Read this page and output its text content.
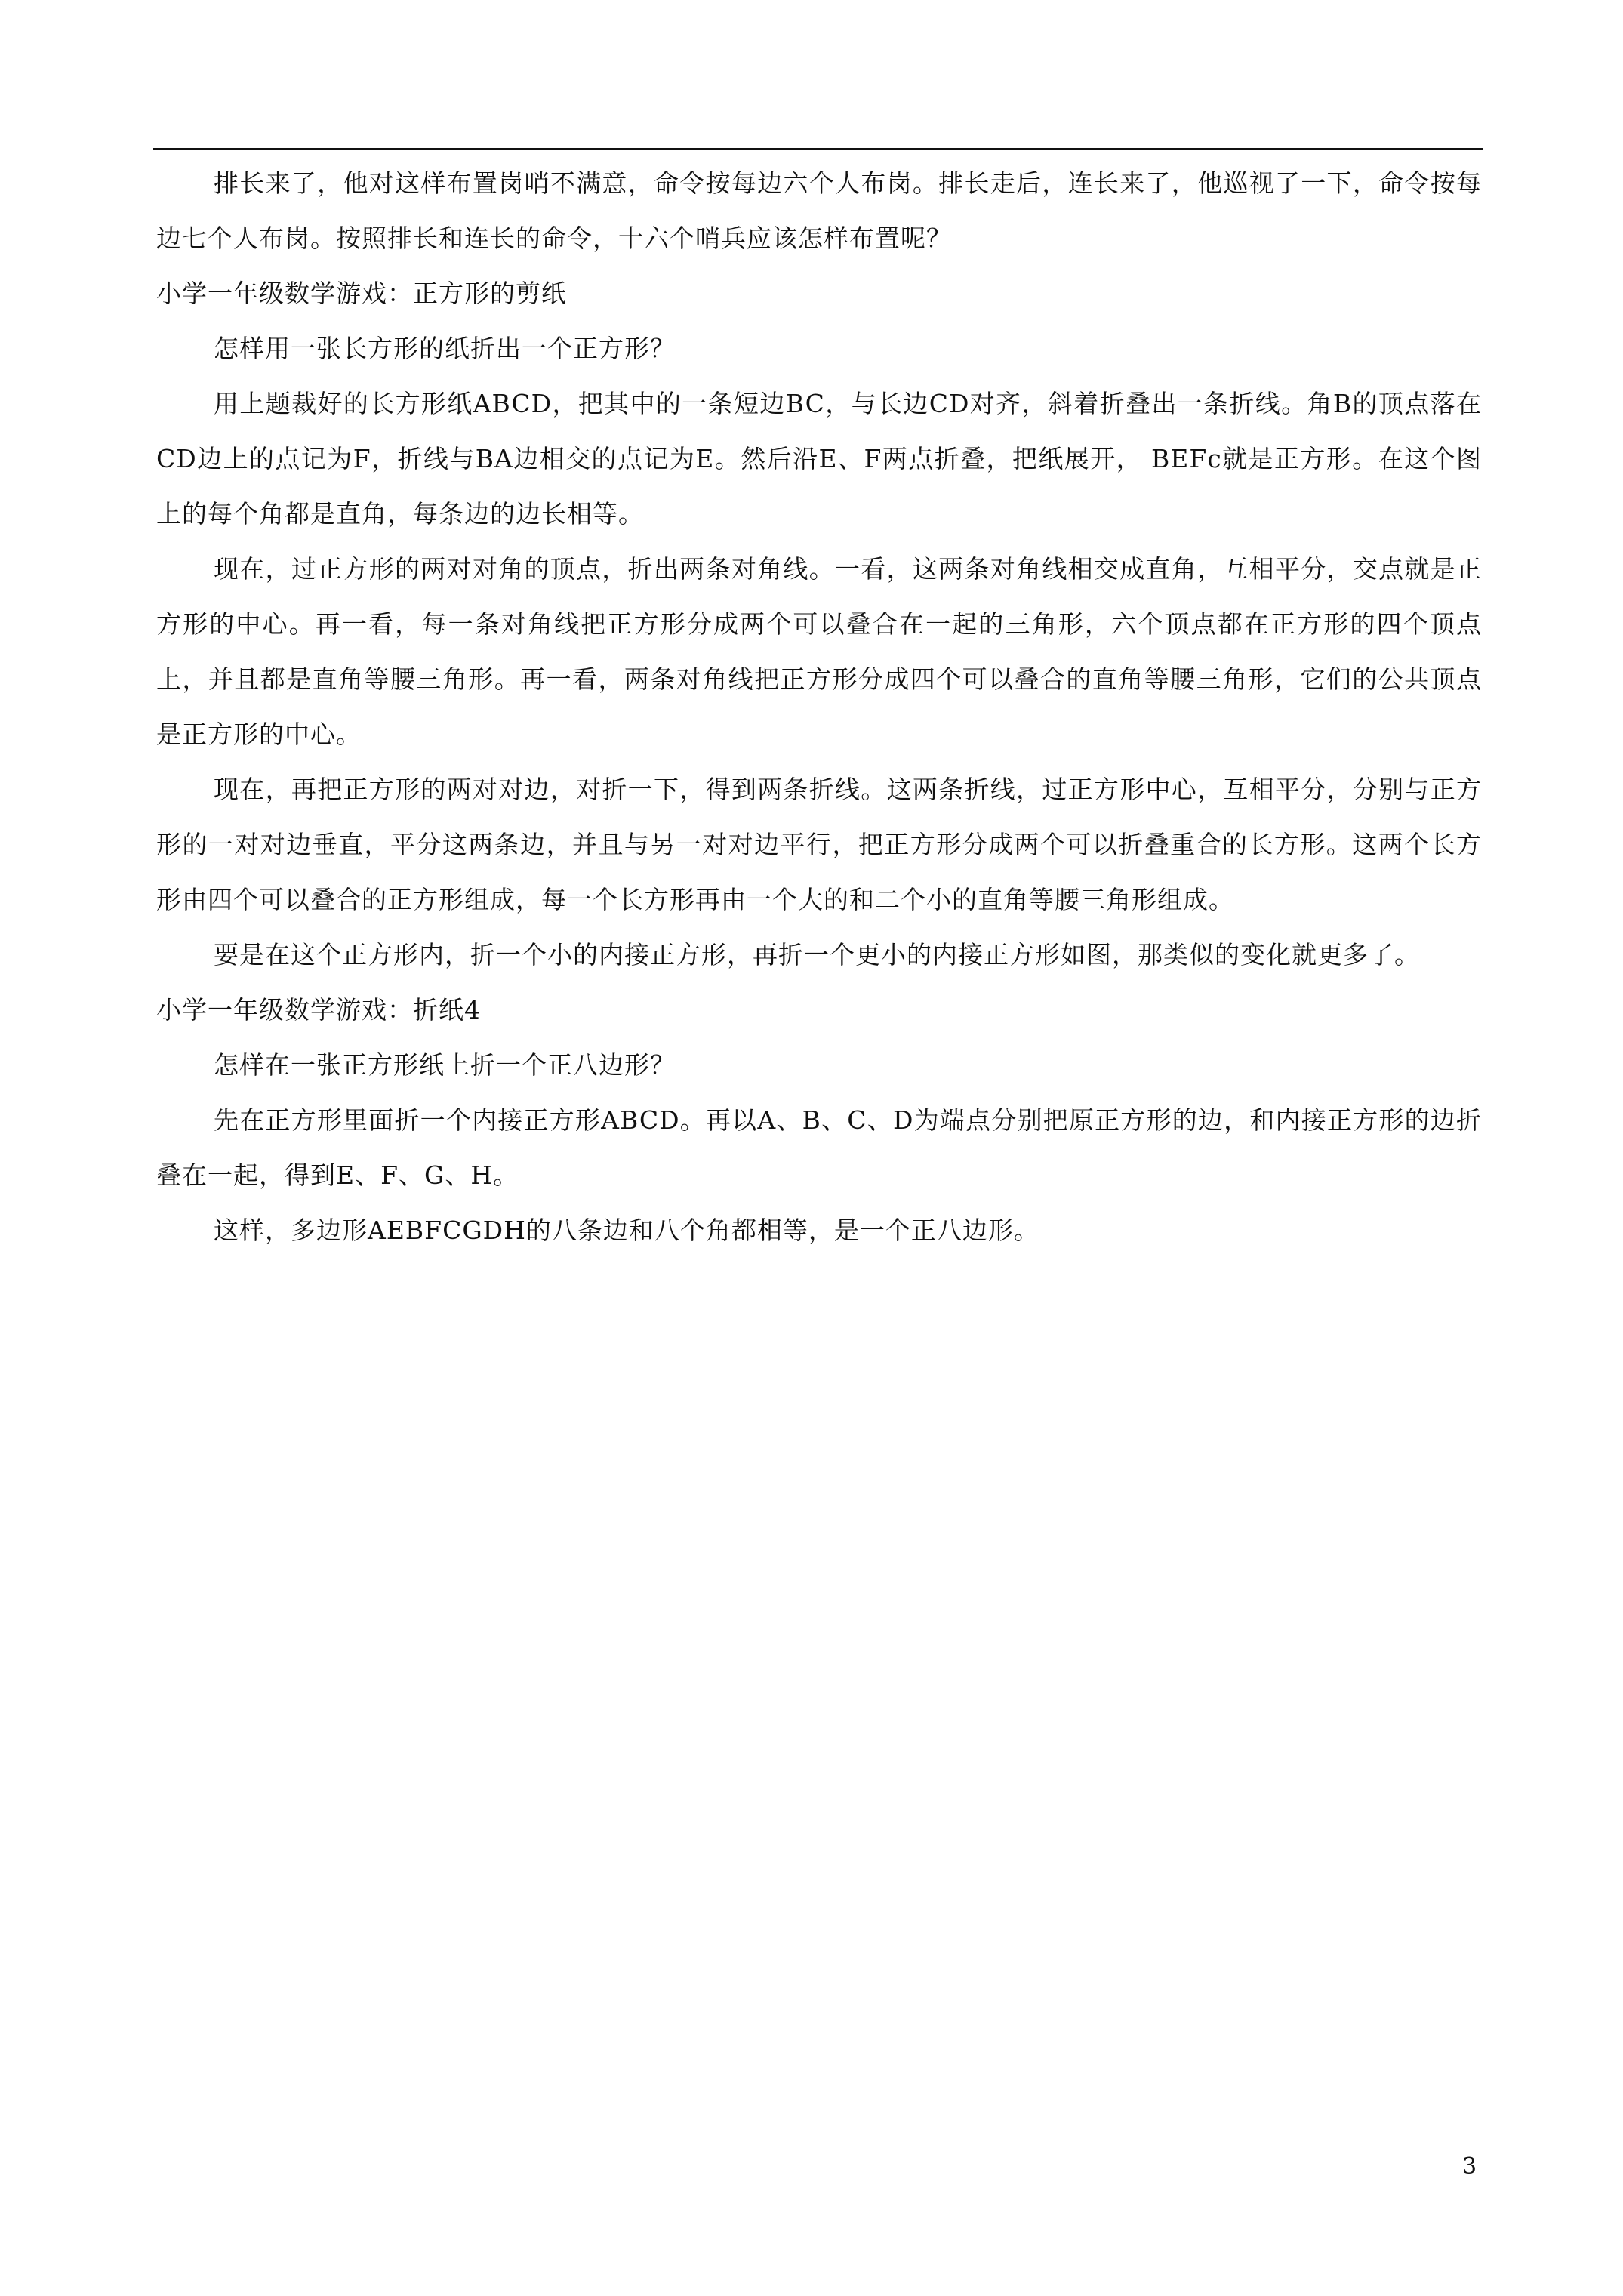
排长来了，他对这样布置岗哨不满意，命令按每边六个人布岗。排长走后，连长来了，他巡视了一下，命令按每边七个人布岗。按照排长和连长的命令，十六个哨兵应该怎样布置呢？

小学一年级数学游戏：正方形的剪纸

怎样用一张长方形的纸折出一个正方形？

用上题裁好的长方形纸ABCD，把其中的一条短边BC，与长边CD对齐，斜着折叠出一条折线。角B的顶点落在CD边上的点记为F，折线与BA边相交的点记为E。然后沿E、F两点折叠，把纸展开， BEFc就是正方形。在这个图上的每个角都是直角，每条边的边长相等。

现在，过正方形的两对对角的顶点，折出两条对角线。一看，这两条对角线相交成直角，互相平分，交点就是正方形的中心。再一看，每一条对角线把正方形分成两个可以叠合在一起的三角形，六个顶点都在正方形的四个顶点上，并且都是直角等腰三角形。再一看，两条对角线把正方形分成四个可以叠合的直角等腰三角形，它们的公共顶点是正方形的中心。

现在，再把正方形的两对对边，对折一下，得到两条折线。这两条折线，过正方形中心，互相平分，分别与正方形的一对对边垂直，平分这两条边，并且与另一对对边平行，把正方形分成两个可以折叠重合的长方形。这两个长方形由四个可以叠合的正方形组成，每一个长方形再由一个大的和二个小的直角等腰三角形组成。

要是在这个正方形内，折一个小的内接正方形，再折一个更小的内接正方形如图，那类似的变化就更多了。

小学一年级数学游戏：折纸4

怎样在一张正方形纸上折一个正八边形？

先在正方形里面折一个内接正方形ABCD。再以A、B、C、D为端点分别把原正方形的边，和内接正方形的边折叠在一起，得到E、F、G、H。

这样，多边形AEBFCGDH的八条边和八个角都相等，是一个正八边形。

3
